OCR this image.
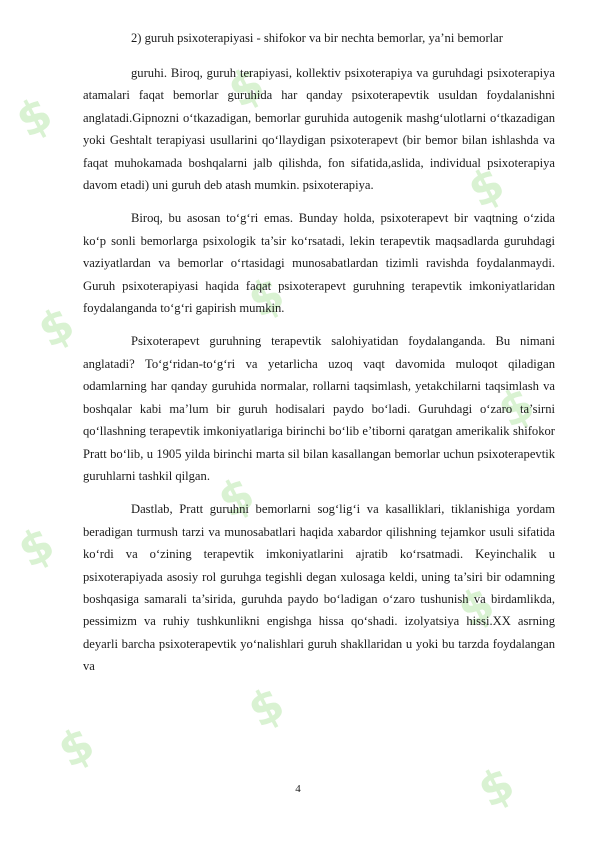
$	$
$
$	$
$
$
$
$
$
$
$
2) guruh psixoterapiyasi - shifokor va bir nechta bemorlar, ya’ni bemorlar

guruhi. Biroq, guruh terapiyasi, kollektiv psixoterapiya va guruhdagi psixoterapiya atamalari faqat bemorlar guruhida har qanday psixoterapevtik usuldan foydalanishni anglatadi.Gipnozni o‘tkazadigan, bemorlar guruhida autogenik mashg‘ulotlarni o‘tkazadigan yoki Geshtalt terapiyasi usullarini qo‘llaydigan psixoterapevt (bir bemor bilan ishlashda va faqat muhokamada boshqalarni jalb qilishda, fon sifatida,aslida, individual psixoterapiya davom etadi) uni guruh deb atash mumkin. psixoterapiya.

Biroq, bu asosan to‘g‘ri emas. Bunday holda, psixoterapevt bir vaqtning o‘zida ko‘p sonli bemorlarga psixologik ta’sir ko‘rsatadi, lekin terapevtik maqsadlarda guruhdagi vaziyatlardan va bemorlar o‘rtasidagi munosabatlardan tizimli ravishda foydalanmaydi. Guruh psixoterapiyasi haqida faqat psixoterapevt guruhning terapevtik imkoniyatlaridan foydalanganda to‘g‘ri gapirish mumkin.

Psixoterapevt guruhning terapevtik salohiyatidan foydalanganda. Bu nimani anglatadi? To‘g‘ridan-to‘g‘ri va yetarlicha uzoq vaqt davomida muloqot qiladigan odamlarning har qanday guruhida normalar, rollarni taqsimlash, yetakchilarni taqsimlash va boshqalar kabi ma’lum bir guruh hodisalari paydo bo‘ladi. Guruhdagi o‘zaro ta’sirni qo‘llashning terapevtik imkoniyatlariga birinchi bo‘lib e’tiborni qaratgan amerikalik shifokor Pratt bo‘lib, u 1905 yilda birinchi marta sil bilan kasallangan bemorlar uchun psixoterapevtik guruhlarni tashkil qilgan.

Dastlab, Pratt guruhni bemorlarni sog‘lig‘i va kasalliklari, tiklanishiga yordam beradigan turmush tarzi va munosabatlari haqida xabardor qilishning tejamkor usuli sifatida ko‘rdi va o‘zining terapevtik imkoniyatlarini ajratib ko‘rsatmadi. Keyinchalik u psixoterapiyada asosiy rol guruhga tegishli degan xulosaga keldi, uning ta’siri bir odamning boshqasiga samarali ta’sirida, guruhda paydo bo‘ladigan o‘zaro tushunish va birdamlikda, pessimizm va ruhiy tushkunlikni engishga hissa qo‘shadi. izolyatsiya hissi.XX asrning deyarli barcha psixoterapevtik yo‘nalishlari guruh shakllaridan u yoki bu tarzda foydalangan va

4
